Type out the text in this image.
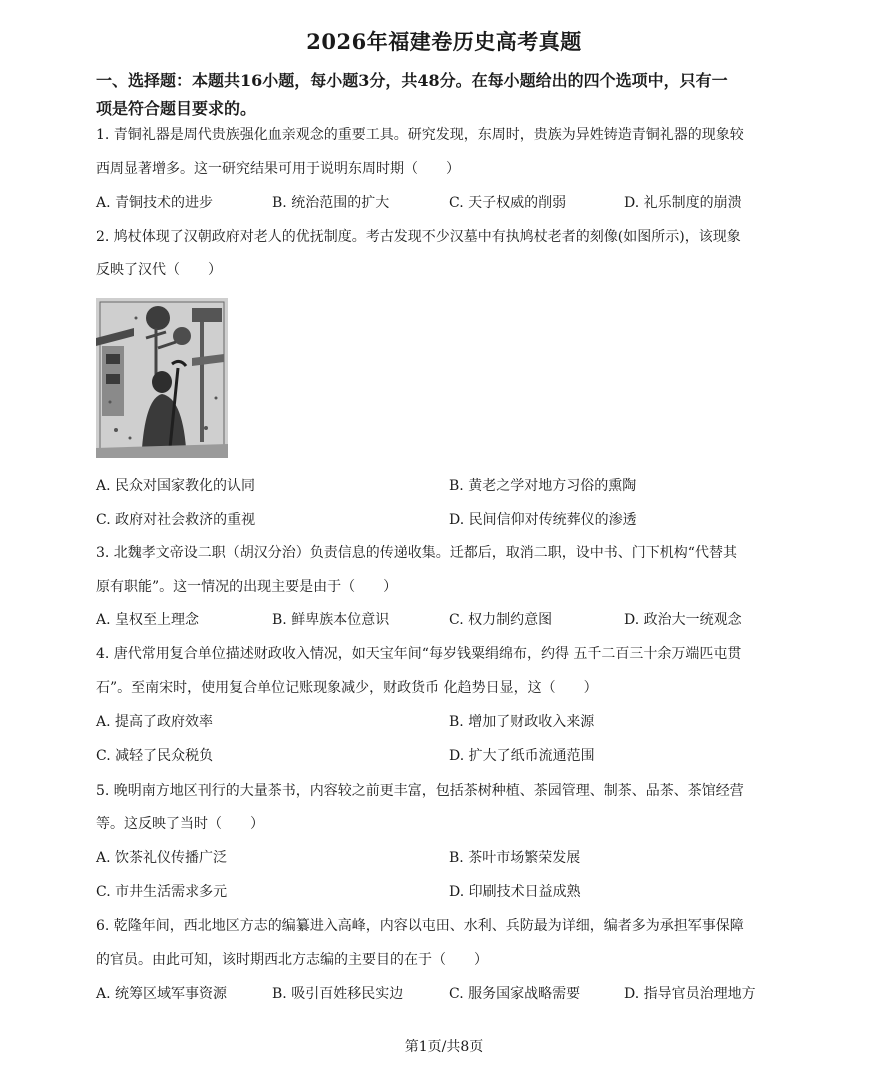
2026年福建卷历史高考真题
一、选择题：本题共16小题，每小题3分，共48分。在每小题给出的四个选项中，只有一
项是符合题目要求的。
1. 青铜礼器是周代贵族强化血亲观念的重要工具。研究发现，东周时，贵族为异姓铸造青铜礼器的现象较
西周显著增多。这一研究结果可用于说明东周时期（　　）
A. 青铜技术的进步	B. 统治范围的扩大	C. 天子权威的削弱	D. 礼乐制度的崩溃
2. 鸠杖体现了汉朝政府对老人的优抚制度。考古发现不少汉墓中有执鸠杖老者的刻像(如图所示)，该现象
反映了汉代（　　）
A. 民众对国家教化的认同	B. 黄老之学对地方习俗的熏陶
C. 政府对社会救济的重视	D. 民间信仰对传统葬仪的渗透
3. 北魏孝文帝设二职（胡汉分治）负责信息的传递收集。迁都后，取消二职，设中书、门下机构“代替其
原有职能”。这一情况的出现主要是由于（　　）
A. 皇权至上理念	B. 鲜卑族本位意识	C. 权力制约意图	D. 政治大一统观念
4. 唐代常用复合单位描述财政收入情况，如天宝年间“每岁钱粟绢绵布，约得 五千二百三十余万端匹屯贯
石”。至南宋时，使用复合单位记账现象减少，财政货币 化趋势日显，这（　　）
A. 提高了政府效率	B. 增加了财政收入来源
C. 减轻了民众税负	D. 扩大了纸币流通范围
5. 晚明南方地区刊行的大量茶书，内容较之前更丰富，包括茶树种植、茶园管理、制茶、品茶、茶馆经营
等。这反映了当时（　　）
A. 饮茶礼仪传播广泛	B. 茶叶市场繁荣发展
C. 市井生活需求多元	D. 印刷技术日益成熟
6. 乾隆年间，西北地区方志的编纂进入高峰，内容以屯田、水利、兵防最为详细，编者多为承担军事保障
的官员。由此可知，该时期西北方志编的主要目的在于（　　）
A. 统筹区域军事资源	B. 吸引百姓移民实边	C. 服务国家战略需要	D. 指导官员治理地方
第1页/共8页
